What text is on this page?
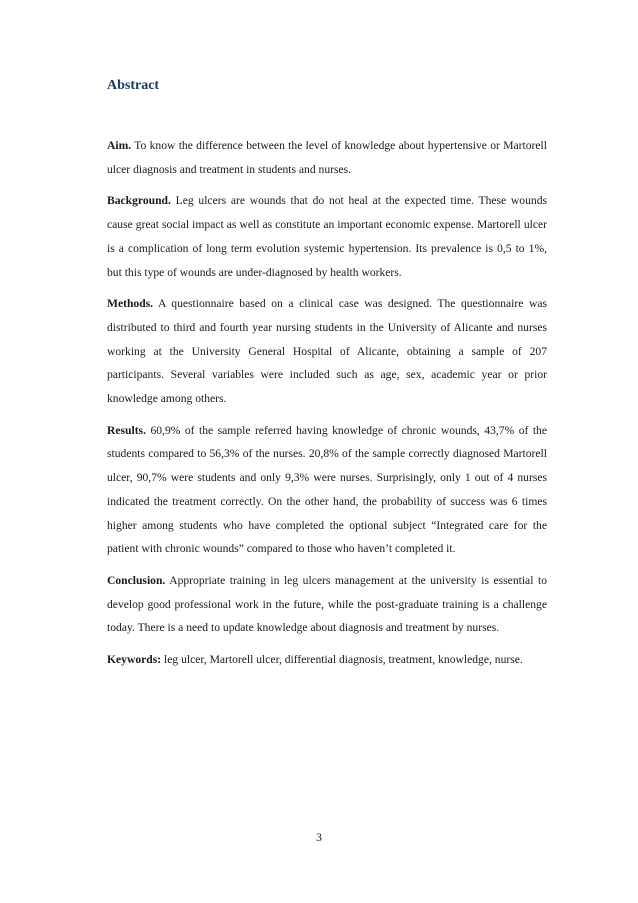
Abstract

Aim. To know the difference between the level of knowledge about hypertensive or Martorell ulcer diagnosis and treatment in students and nurses.

Background. Leg ulcers are wounds that do not heal at the expected time. These wounds cause great social impact as well as constitute an important economic expense. Martorell ulcer is a complication of long term evolution systemic hypertension. Its prevalence is 0,5 to 1%, but this type of wounds are under-diagnosed by health workers.

Methods. A questionnaire based on a clinical case was designed. The questionnaire was distributed to third and fourth year nursing students in the University of Alicante and nurses working at the University General Hospital of Alicante, obtaining a sample of 207 participants. Several variables were included such as age, sex, academic year or prior knowledge among others.

Results. 60,9% of the sample referred having knowledge of chronic wounds, 43,7% of the students compared to 56,3% of the nurses. 20,8% of the sample correctly diagnosed Martorell ulcer, 90,7% were students and only 9,3% were nurses. Surprisingly, only 1 out of 4 nurses indicated the treatment correctly. On the other hand, the probability of success was 6 times higher among students who have completed the optional subject “Integrated care for the patient with chronic wounds” compared to those who haven’t completed it.

Conclusion. Appropriate training in leg ulcers management at the university is essential to develop good professional work in the future, while the post-graduate training is a challenge today. There is a need to update knowledge about diagnosis and treatment by nurses.

Keywords: leg ulcer, Martorell ulcer, differential diagnosis, treatment, knowledge, nurse.

3
